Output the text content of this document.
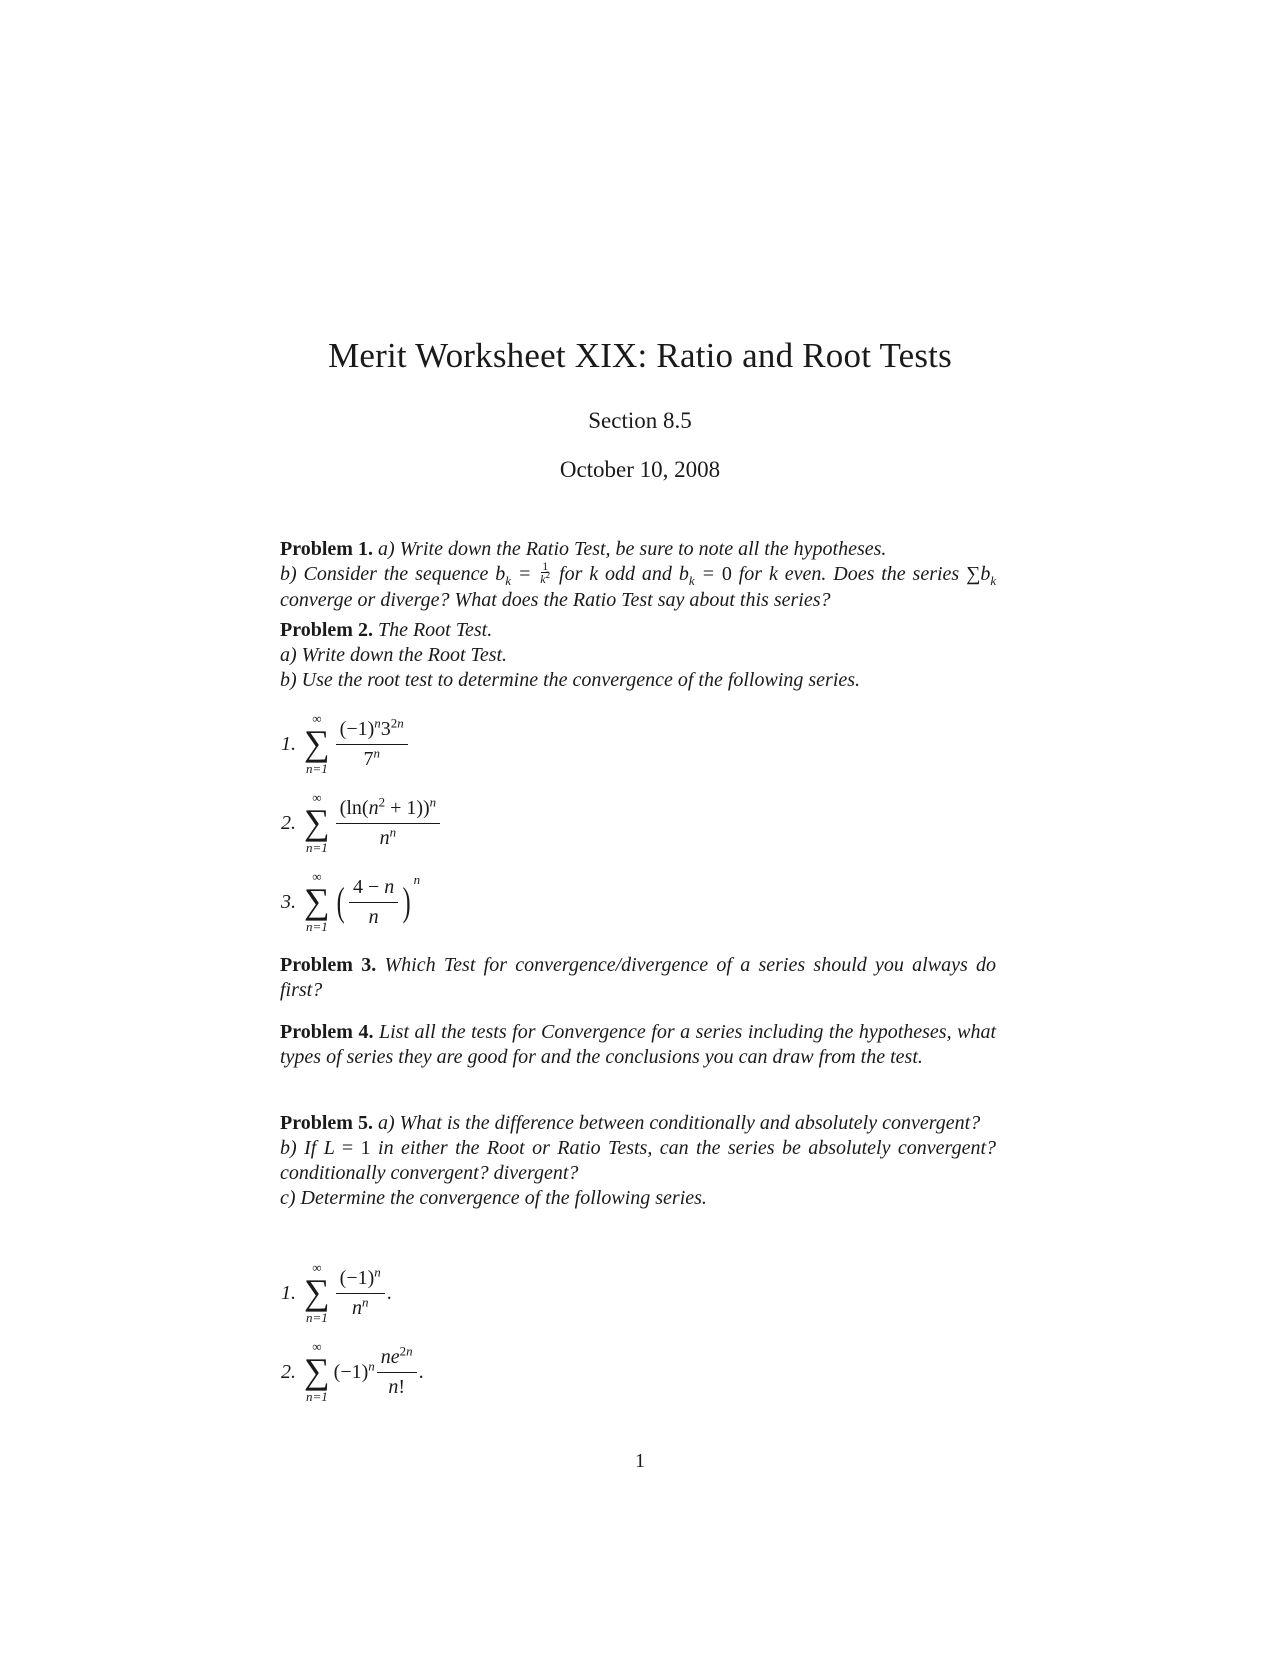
Merit Worksheet XIX: Ratio and Root Tests
Section 8.5
October 10, 2008
Problem 1. a) Write down the Ratio Test, be sure to note all the hypotheses.
b) Consider the sequence $b_k = \frac{1}{k^2}$ for k odd and $b_k = 0$ for k even. Does the series $\sum b_k$ converge or diverge? What does the Ratio Test say about this series?
Problem 2. The Root Test.
a) Write down the Root Test.
b) Use the root test to determine the convergence of the following series.
1.
∞
∑
$n=1 \frac{(-1)^n3^{2n}}{7^n}$
2.
∞
∑
$n=1 \frac{(\ln(n^2 + 1))^n}{n^n}$
3.
∞
∑
n=1
( $\frac{4 - n}{n}$ ) n
Problem 3. Which Test for convergence/divergence of a series should you always do first?
Problem 4. List all the tests for Convergence for a series including the hypotheses, what types of series they are good for and the conclusions you can draw from the test.
Problem 5. a) What is the difference between conditionally and absolutely convergent?
b) If L = 1 in either the Root or Ratio Tests, can the series be absolutely convergent? conditionally convergent? divergent?
c) Determine the convergence of the following series.
1.
∞
∑
$n=1 \frac{(-1)^n}{n^n}$ .
2.
∞
∑
n=1
$(-1)^n \frac{ne^{2n}}{n!}$ .
1
